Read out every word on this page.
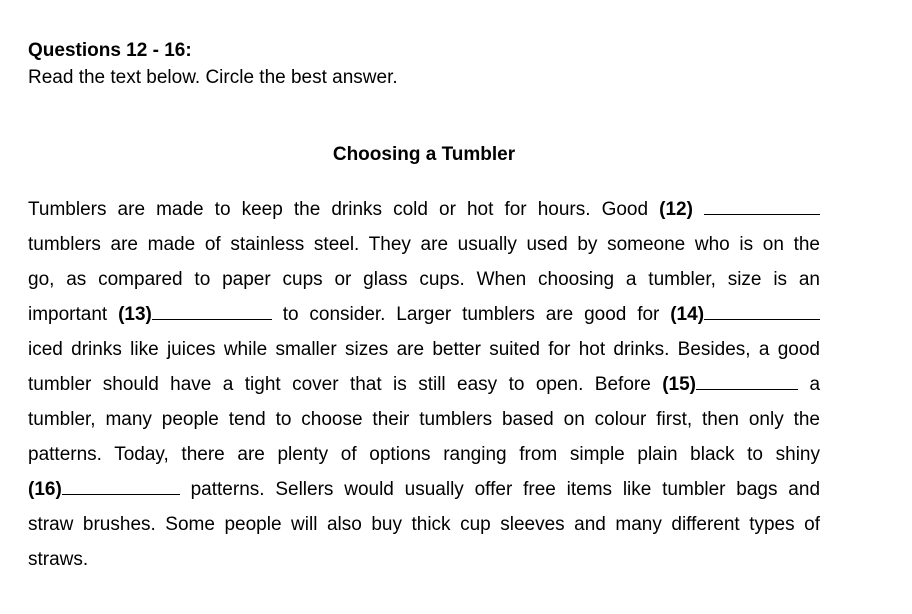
Questions 12 - 16:
Read the text below. Circle the best answer.
Choosing a Tumbler
Tumblers are made to keep the drinks cold or hot for hours. Good (12)
tumblers are made of stainless steel. They are usually used by someone who is on the
go, as compared to paper cups or glass cups. When choosing a tumbler, size is an
important (13)	to consider. Larger tumblers are good for (14)
iced drinks like juices while smaller sizes are better suited for hot drinks. Besides, a good
tumbler should have a tight cover that is still easy to open. Before (15)	a
tumbler, many people tend to choose their tumblers based on colour first, then only the
patterns. Today, there are plenty of options ranging from simple plain black to shiny
(16)	patterns. Sellers would usually offer free items like tumbler bags and
straw brushes. Some people will also buy thick cup sleeves and many different types of
straws.
